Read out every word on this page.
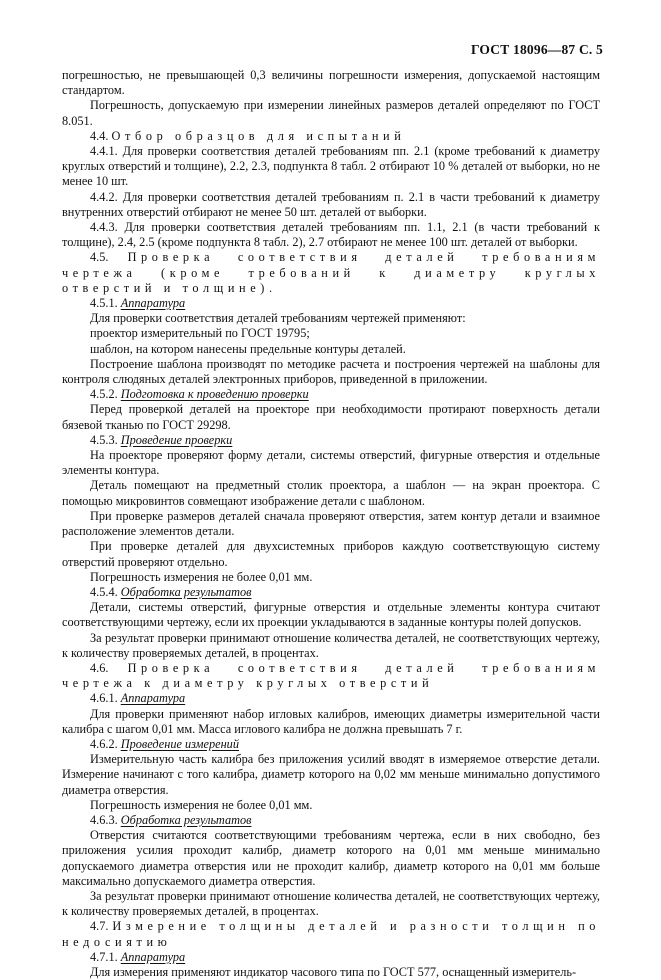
ГОСТ 18096—87 С. 5

погрешностью, не превышающей 0,3 величины погрешности измерения, допускаемой настоящим стандартом.

Погрешность, допускаемую при измерении линейных размеров деталей определяют по ГОСТ 8.051.

4.4. Отбор образцов для испытаний

4.4.1. Для проверки соответствия деталей требованиям пп. 2.1 (кроме требований к диаметру круглых отверстий и толщине), 2.2, 2.3, подпункта 8 табл. 2 отбирают 10 % деталей от выборки, но не менее 10 шт.

4.4.2. Для проверки соответствия деталей требованиям п. 2.1 в части требований к диаметру внутренних отверстий отбирают не менее 50 шт. деталей от выборки.

4.4.3. Для проверки соответствия деталей требованиям пп. 1.1, 2.1 (в части требований к толщине), 2.4, 2.5 (кроме подпункта 8 табл. 2), 2.7 отбирают не менее 100 шт. деталей от выборки.

4.5. Проверка соответствия деталей требованиям чертежа (кроме требований к диаметру круглых отверстий и толщине).

4.5.1. Аппаратура

Для проверки соответствия деталей требованиям чертежей применяют:

проектор измерительный по ГОСТ 19795;

шаблон, на котором нанесены предельные контуры деталей.

Построение шаблона производят по методике расчета и построения чертежей на шаблоны для контроля слюдяных деталей электронных приборов, приведенной в приложении.

4.5.2. Подготовка к проведению проверки

Перед проверкой деталей на проекторе при необходимости протирают поверхность детали бязевой тканью по ГОСТ 29298.

4.5.3. Проведение проверки

На проекторе проверяют форму детали, системы отверстий, фигурные отверстия и отдельные элементы контура.

Деталь помещают на предметный столик проектора, а шаблон — на экран проектора. С помощью микровинтов совмещают изображение детали с шаблоном.

При проверке размеров деталей сначала проверяют отверстия, затем контур детали и взаимное расположение элементов детали.

При проверке деталей для двухсистемных приборов каждую соответствующую систему отверстий проверяют отдельно.

Погрешность измерения не более 0,01 мм.

4.5.4. Обработка результатов

Детали, системы отверстий, фигурные отверстия и отдельные элементы контура считают соответствующими чертежу, если их проекции укладываются в заданные контуры полей допусков.

За результат проверки принимают отношение количества деталей, не соответствующих чертежу, к количеству проверяемых деталей, в процентах.

4.6. Проверка соответствия деталей требованиям чертежа к диаметру круглых отверстий

4.6.1. Аппаратура

Для проверки применяют набор игловых калибров, имеющих диаметры измерительной части калибра с шагом 0,01 мм. Масса иглового калибра не должна превышать 7 г.

4.6.2. Проведение измерений

Измерительную часть калибра без приложения усилий вводят в измеряемое отверстие детали. Измерение начинают с того калибра, диаметр которого на 0,02 мм меньше минимально допустимого диаметра отверстия.

Погрешность измерения не более 0,01 мм.

4.6.3. Обработка результатов

Отверстия считаются соответствующими требованиям чертежа, если в них свободно, без приложения усилия проходит калибр, диаметр которого на 0,01 мм меньше минимально допускаемого диаметра отверстия или не проходит калибр, диаметр которого на 0,01 мм больше максимально допускаемого диаметра отверстия.

За результат проверки принимают отношение количества деталей, не соответствующих чертежу, к количеству проверяемых деталей, в процентах.

4.7. Измерение толщины деталей и разности толщин по недосиятию

4.7.1. Аппаратура

Для измерения применяют индикатор часового типа по ГОСТ 577, оснащенный измеритель-
